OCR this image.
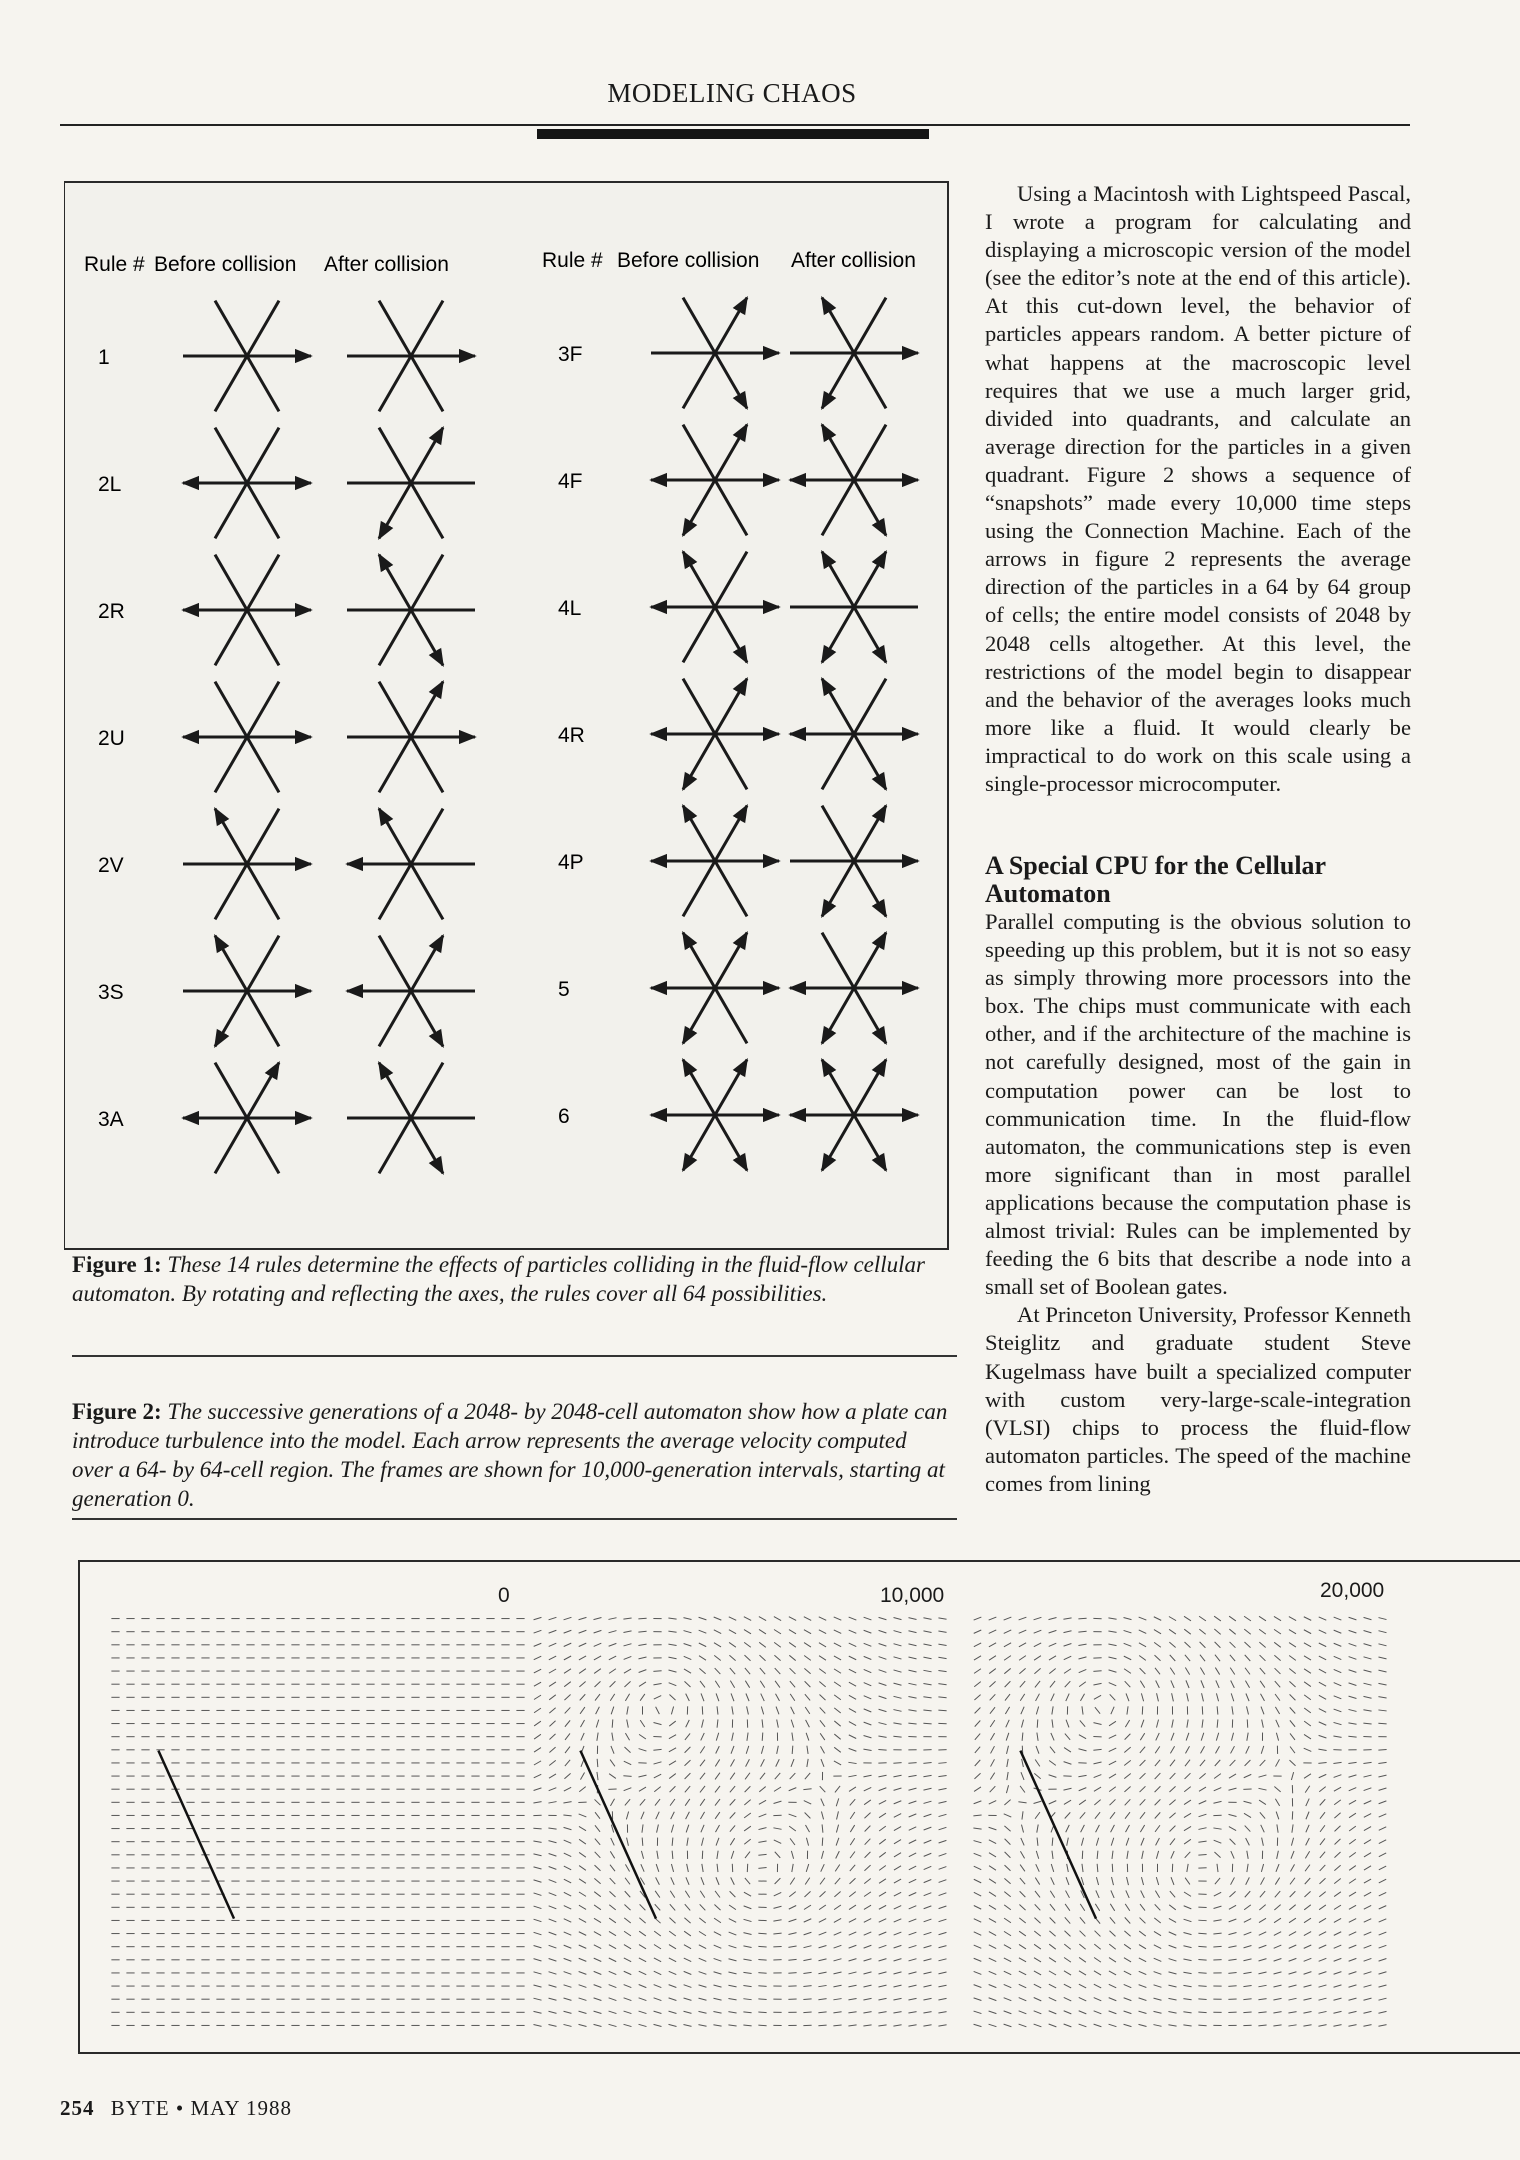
MODELING CHAOS
Rule # Before collision After collision	Rule # Before collision After collision
1
2L
2R
2U
2V
3S
3A
3F
4F
4L
4R
4P
5
6
Figure 1: These 14 rules determine the effects of particles colliding in the fluid-flow cellular automaton. By rotating and reflecting the axes, the rules cover all 64 possibilities.
Figure 2: The successive generations of a 2048- by 2048-cell automaton show how a plate can introduce turbulence into the model. Each arrow represents the average velocity computed over a 64- by 64-cell region. The frames are shown for 10,000-generation intervals, starting at generation 0.

Using a Macintosh with Lightspeed Pascal, I wrote a program for calculating and displaying a microscopic version of the model (see the editor’s note at the end of this article). At this cut-down level, the behavior of particles appears random. A better picture of what happens at the macroscopic level requires that we use a much larger grid, divided into quadrants, and calculate an average direction for the particles in a given quadrant. Figure 2 shows a sequence of “snapshots” made every 10,000 time steps using the Connection Machine. Each of the arrows in figure 2 represents the average direction of the particles in a 64 by 64 group of cells; the entire model consists of 2048 by 2048 cells altogether. At this level, the restrictions of the model begin to disappear and the behavior of the averages looks much more like a fluid. It would clearly be impractical to do work on this scale using a single-processor microcomputer.

A Special CPU for the Cellular Automaton

Parallel computing is the obvious solution to speeding up this problem, but it is not so easy as simply throwing more processors into the box. The chips must communicate with each other, and if the architecture of the machine is not carefully designed, most of the gain in computation power can be lost to communication time. In the fluid-flow automaton, the communications step is even more significant than in most parallel applications because the computation phase is almost trivial: Rules can be implemented by feeding the 6 bits that describe a node into a small set of Boolean gates.

At Princeton University, Professor Kenneth Steiglitz and graduate student Steve Kugelmass have built a specialized computer with custom very-large-scale-integration (VLSI) chips to process the fluid-flow automaton particles. The speed of the machine comes from lining

0	10,000	20,000
254 BYTE • MAY 1988
